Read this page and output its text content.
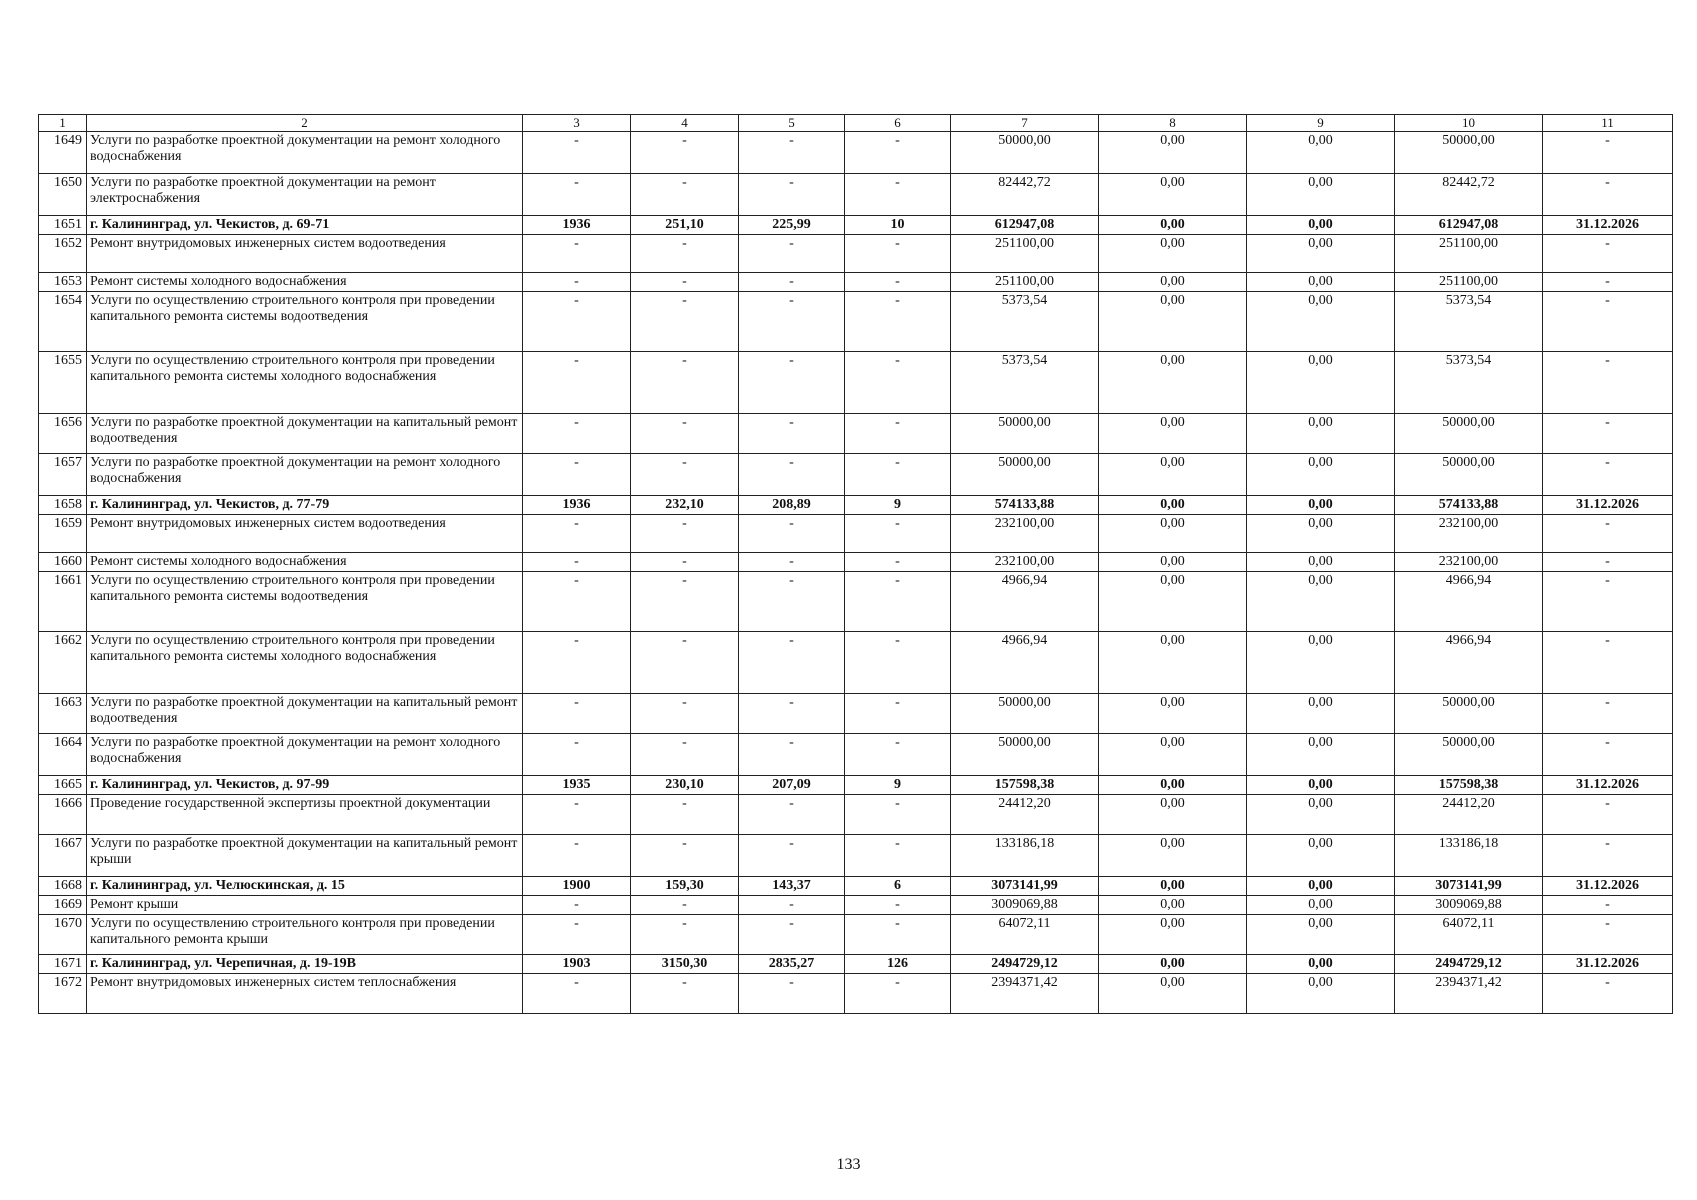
1	2	3	4	5	6	7	8	9	10	11
1649	Услуги по разработке проектной документации на ремонт холодного водоснабжения	-	-	-	-	50000,00	0,00	0,00	50000,00	-
1650	Услуги по разработке проектной документации на ремонт электроснабжения	-	-	-	-	82442,72	0,00	0,00	82442,72	-
1651	г. Калининград, ул. Чекистов, д. 69-71	1936	251,10	225,99	10	612947,08	0,00	0,00	612947,08	31.12.2026
1652	Ремонт внутридомовых инженерных систем водоотведения	-	-	-	-	251100,00	0,00	0,00	251100,00	-
1653	Ремонт системы холодного водоснабжения	-	-	-	-	251100,00	0,00	0,00	251100,00	-
1654	Услуги по осуществлению строительного контроля при проведении капитального ремонта системы водоотведения	-	-	-	-	5373,54	0,00	0,00	5373,54	-
1655	Услуги по осуществлению строительного контроля при проведении капитального ремонта системы холодного водоснабжения	-	-	-	-	5373,54	0,00	0,00	5373,54	-
1656	Услуги по разработке проектной документации на капитальный ремонт водоотведения	-	-	-	-	50000,00	0,00	0,00	50000,00	-
1657	Услуги по разработке проектной документации на ремонт холодного водоснабжения	-	-	-	-	50000,00	0,00	0,00	50000,00	-
1658	г. Калининград, ул. Чекистов, д. 77-79	1936	232,10	208,89	9	574133,88	0,00	0,00	574133,88	31.12.2026
1659	Ремонт внутридомовых инженерных систем водоотведения	-	-	-	-	232100,00	0,00	0,00	232100,00	-
1660	Ремонт системы холодного водоснабжения	-	-	-	-	232100,00	0,00	0,00	232100,00	-
1661	Услуги по осуществлению строительного контроля при проведении капитального ремонта системы водоотведения	-	-	-	-	4966,94	0,00	0,00	4966,94	-
1662	Услуги по осуществлению строительного контроля при проведении капитального ремонта системы холодного водоснабжения	-	-	-	-	4966,94	0,00	0,00	4966,94	-
1663	Услуги по разработке проектной документации на капитальный ремонт водоотведения	-	-	-	-	50000,00	0,00	0,00	50000,00	-
1664	Услуги по разработке проектной документации на ремонт холодного водоснабжения	-	-	-	-	50000,00	0,00	0,00	50000,00	-
1665	г. Калининград, ул. Чекистов, д. 97-99	1935	230,10	207,09	9	157598,38	0,00	0,00	157598,38	31.12.2026
1666	Проведение государственной экспертизы проектной документации	-	-	-	-	24412,20	0,00	0,00	24412,20	-
1667	Услуги по разработке проектной документации на капитальный ремонт крыши	-	-	-	-	133186,18	0,00	0,00	133186,18	-
1668	г. Калининград, ул. Челюскинская, д. 15	1900	159,30	143,37	6	3073141,99	0,00	0,00	3073141,99	31.12.2026
1669	Ремонт крыши	-	-	-	-	3009069,88	0,00	0,00	3009069,88	-
1670	Услуги по осуществлению строительного контроля при проведении капитального ремонта крыши	-	-	-	-	64072,11	0,00	0,00	64072,11	-
1671	г. Калининград, ул. Черепичная, д. 19-19В	1903	3150,30	2835,27	126	2494729,12	0,00	0,00	2494729,12	31.12.2026
1672	Ремонт внутридомовых инженерных систем теплоснабжения	-	-	-	-	2394371,42	0,00	0,00	2394371,42	-
133
